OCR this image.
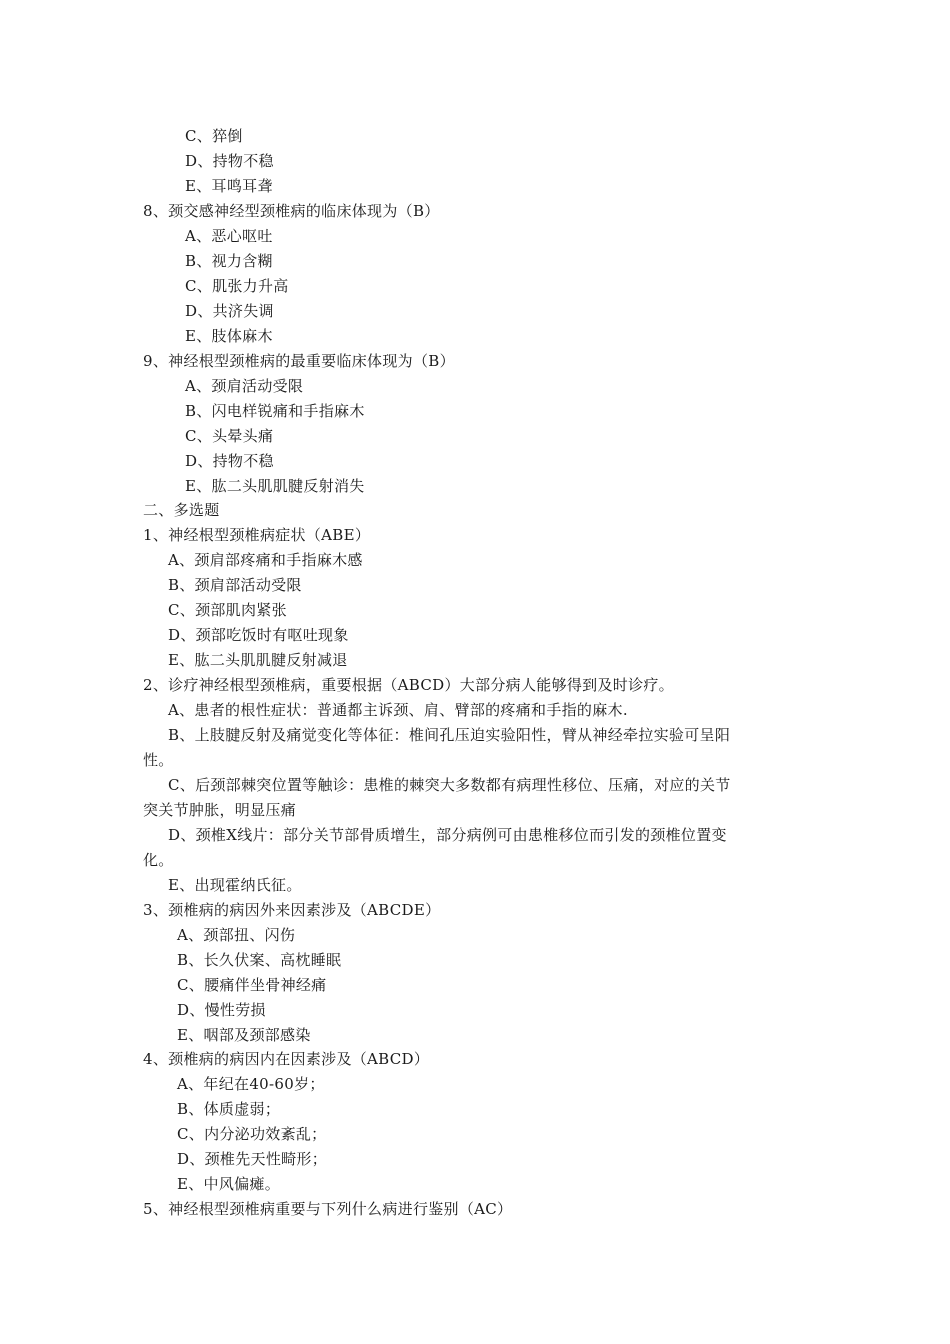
C、猝倒
D、持物不稳
E、耳鸣耳聋
8、颈交感神经型颈椎病的临床体现为（B）
A、恶心呕吐
B、视力含糊
C、肌张力升高
D、共济失调
E、肢体麻木
9、神经根型颈椎病的最重要临床体现为（B）
A、颈肩活动受限
B、闪电样锐痛和手指麻木
C、头晕头痛
D、持物不稳
E、肱二头肌肌腱反射消失
二、多选题
1、神经根型颈椎病症状（ABE）
A、颈肩部疼痛和手指麻木感
B、颈肩部活动受限
C、颈部肌肉紧张
D、颈部吃饭时有呕吐现象
E、肱二头肌肌腱反射减退
2、诊疗神经根型颈椎病，重要根据（ABCD）大部分病人能够得到及时诊疗。
A、患者的根性症状：普通都主诉颈、肩、臂部的疼痛和手指的麻木.
B、上肢腱反射及痛觉变化等体征：椎间孔压迫实验阳性，臂从神经牵拉实验可呈阳
性。
C、后颈部棘突位置等触诊：患椎的棘突大多数都有病理性移位、压痛，对应的关节
突关节肿胀，明显压痛
D、颈椎X线片：部分关节部骨质增生，部分病例可由患椎移位而引发的颈椎位置变
化。
E、出现霍纳氏征。
3、颈椎病的病因外来因素涉及（ABCDE）
A、颈部扭、闪伤
B、长久伏案、高枕睡眠
C、腰痛伴坐骨神经痛
D、慢性劳损
E、咽部及颈部感染
4、颈椎病的病因内在因素涉及（ABCD）
A、年纪在40-60岁；
B、体质虚弱；
C、内分泌功效紊乱；
D、颈椎先天性畸形；
E、中风偏瘫。
5、神经根型颈椎病重要与下列什么病进行鉴别（AC）
